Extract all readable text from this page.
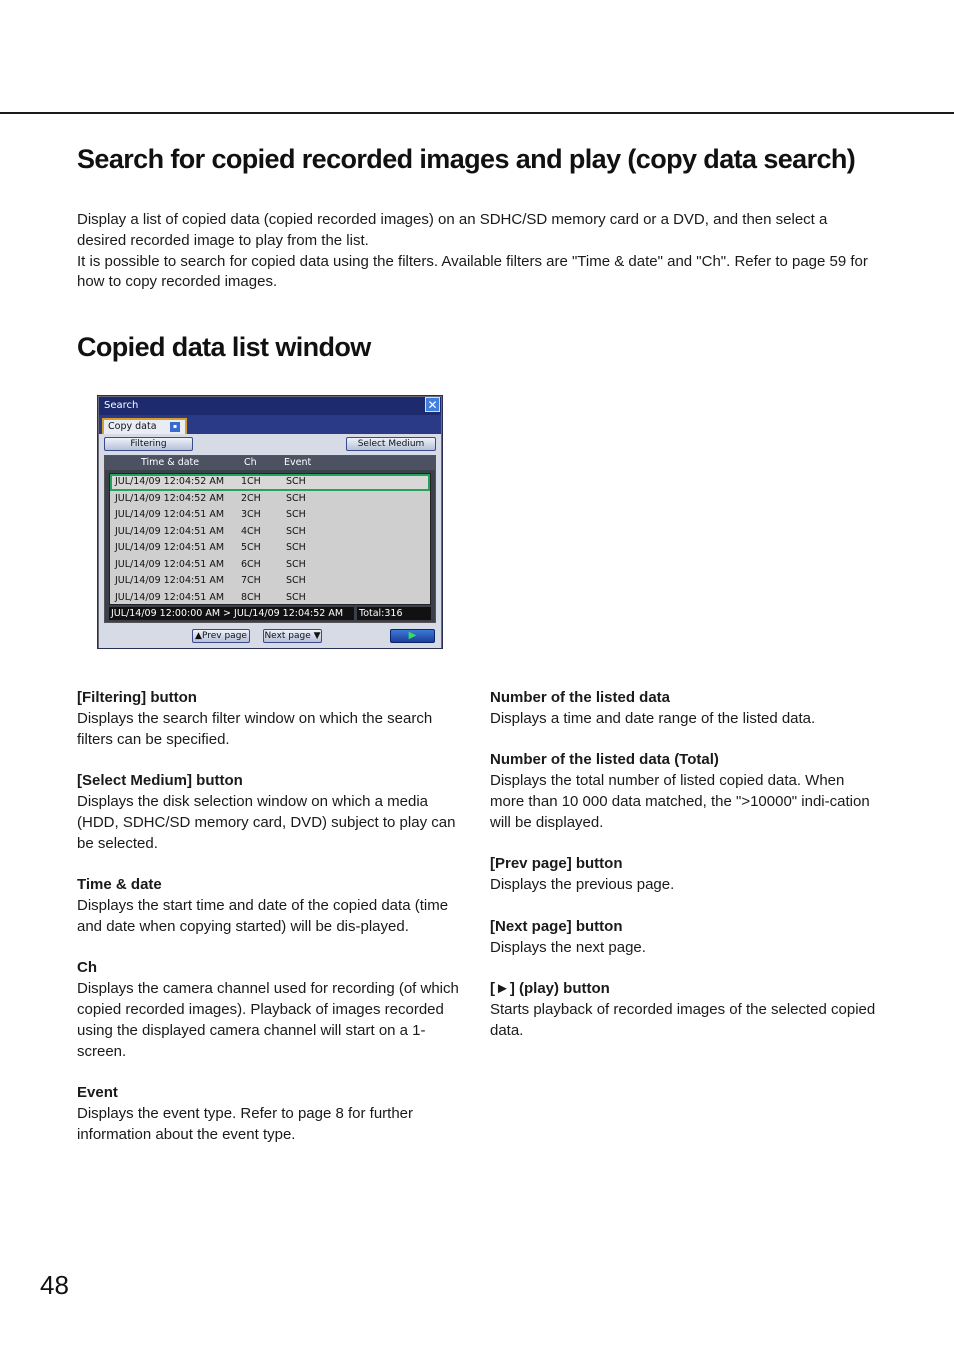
Search for copied recorded images and play (copy data search)

Display a list of copied data (copied recorded images) on an SDHC/SD memory card or a DVD, and then select a desired recorded image to play from the list.

It is possible to search for copied data using the filters. Available filters are "Time & date" and "Ch". Refer to page 59 for how to copy recorded images.

Copied data list window
Search	✕
Copy data	▪
Filtering	Select Medium
Time & date	Ch	Event
JUL/14/09 12:04:52 AM 1CH	SCH
JUL/14/09 12:04:52 AM 2CH	SCH
JUL/14/09 12:04:51 AM 3CH	SCH
JUL/14/09 12:04:51 AM 4CH	SCH
JUL/14/09 12:04:51 AM 5CH	SCH
JUL/14/09 12:04:51 AM 6CH	SCH
JUL/14/09 12:04:51 AM 7CH	SCH
JUL/14/09 12:04:51 AM 8CH	SCH
JUL/14/09 12:00:00 AM > JUL/14/09 12:04:52 AM	Total:316
▲Prev page	Next page ▼	▶

[Filtering] button

Displays the search filter window on which the search filters can be specified.

[Select Medium] button

Displays the disk selection window on which a media (HDD, SDHC/SD memory card, DVD) subject to play can be selected.

Time & date

Displays the start time and date of the copied data (time and date when copying started) will be dis-played.

Ch

Displays the camera channel used for recording (of which copied recorded images). Playback of images recorded using the displayed camera channel will start on a 1-screen.

Event

Displays the event type. Refer to page 8 for further information about the event type.

Number of the listed data

Displays a time and date range of the listed data.

Number of the listed data (Total)

Displays the total number of listed copied data. When more than 10 000 data matched, the ">10000" indi-cation will be displayed.

[Prev page] button

Displays the previous page.

[Next page] button

Displays the next page.

[►] (play) button

Starts playback of recorded images of the selected copied data.

48
